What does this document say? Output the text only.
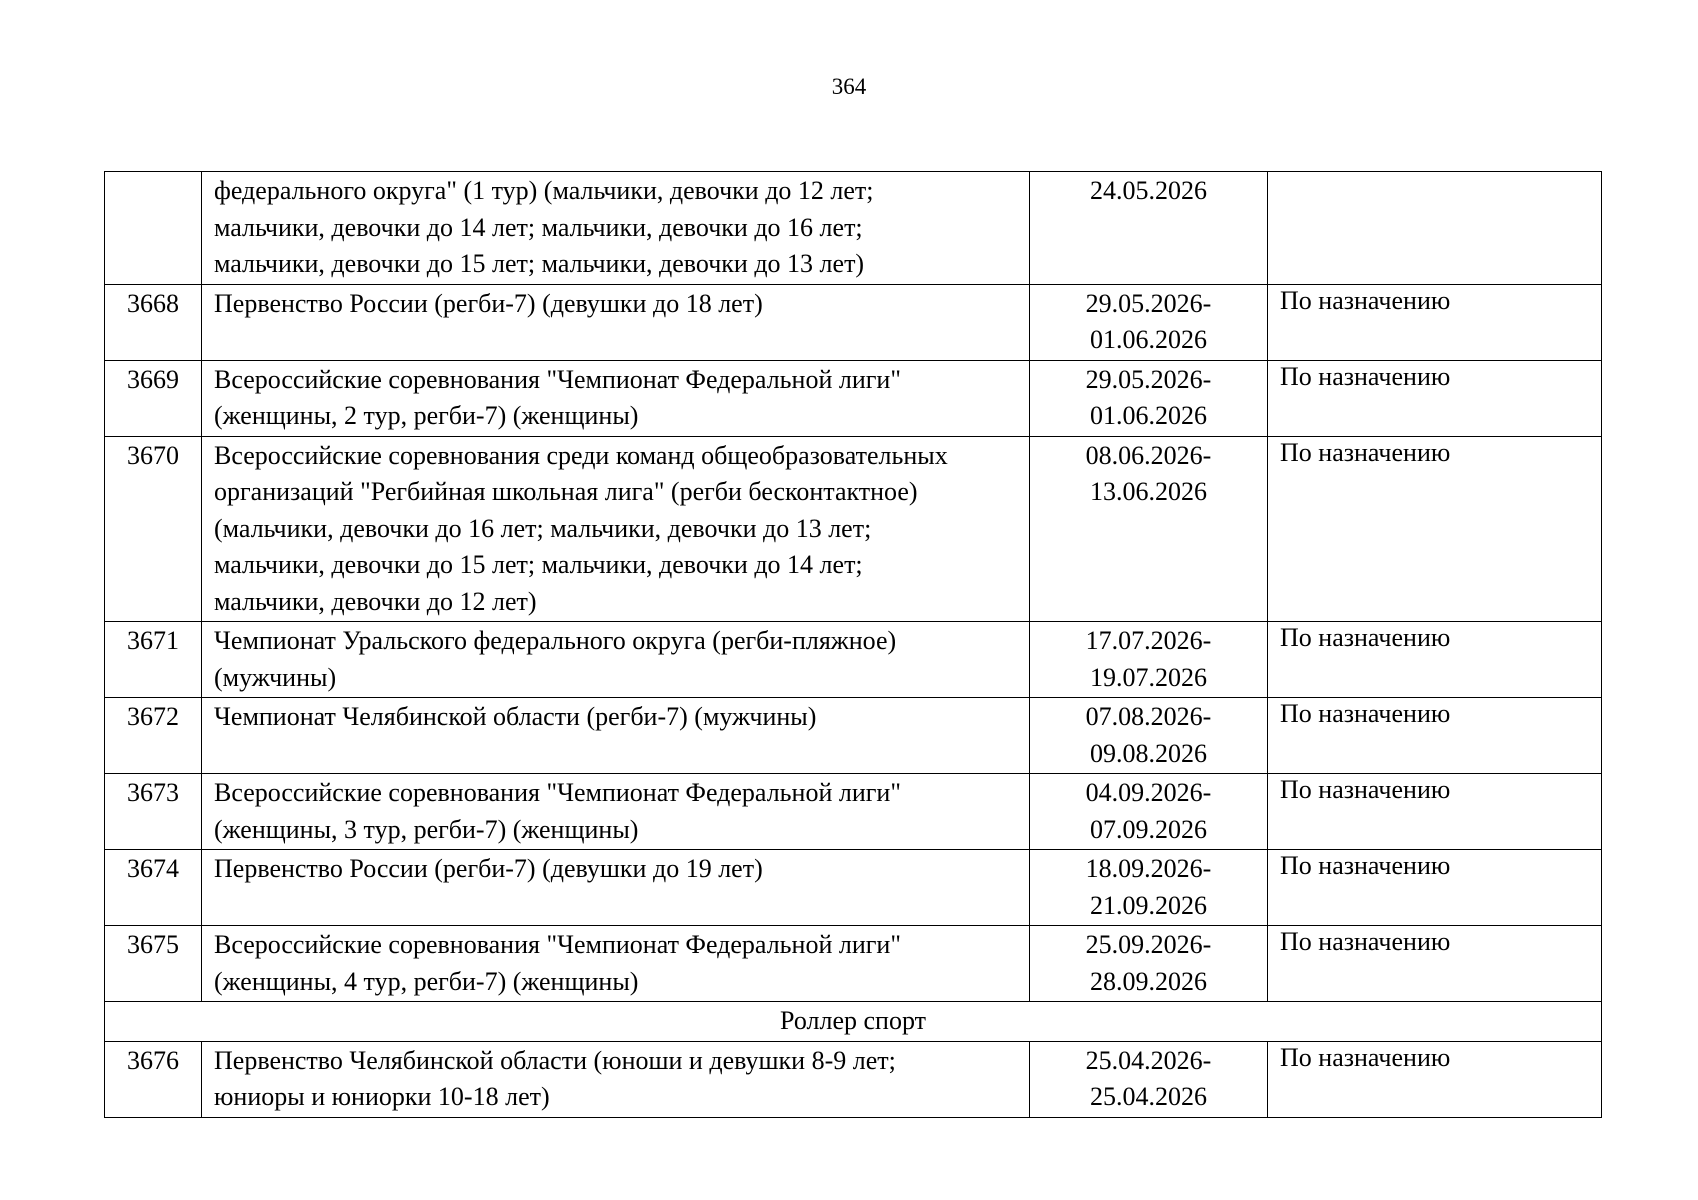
364

	федерального округа" (1 тур) (мальчики, девочки до 12 лет;
мальчики, девочки до 14 лет; мальчики, девочки до 16 лет;
мальчики, девочки до 15 лет; мальчики, девочки до 13 лет)	24.05.2026	

3668	Первенство России (регби-7) (девушки до 18 лет)	29.05.2026-
01.06.2026	По назначению

3669	Всероссийские соревнования "Чемпионат Федеральной лиги"
(женщины, 2 тур, регби-7) (женщины)	29.05.2026-
01.06.2026	По назначению

3670	Всероссийские соревнования среди команд общеобразовательных
организаций "Регбийная школьная лига" (регби бесконтактное)
(мальчики, девочки до 16 лет; мальчики, девочки до 13 лет;
мальчики, девочки до 15 лет; мальчики, девочки до 14 лет;
мальчики, девочки до 12 лет)	08.06.2026-
13.06.2026	По назначению

3671	Чемпионат Уральского федерального округа (регби-пляжное)
(мужчины)	17.07.2026-
19.07.2026	По назначению

3672	Чемпионат Челябинской области (регби-7) (мужчины)	07.08.2026-
09.08.2026	По назначению

3673	Всероссийские соревнования "Чемпионат Федеральной лиги"
(женщины, 3 тур, регби-7) (женщины)	04.09.2026-
07.09.2026	По назначению

3674	Первенство России (регби-7) (девушки до 19 лет)	18.09.2026-
21.09.2026	По назначению

3675	Всероссийские соревнования "Чемпионат Федеральной лиги"
(женщины, 4 тур, регби-7) (женщины)	25.09.2026-
28.09.2026	По назначению

Роллер спорт			
3676	Первенство Челябинской области (юноши и девушки 8-9 лет;
юниоры и юниорки 10-18 лет)	25.04.2026-
25.04.2026	По назначению
